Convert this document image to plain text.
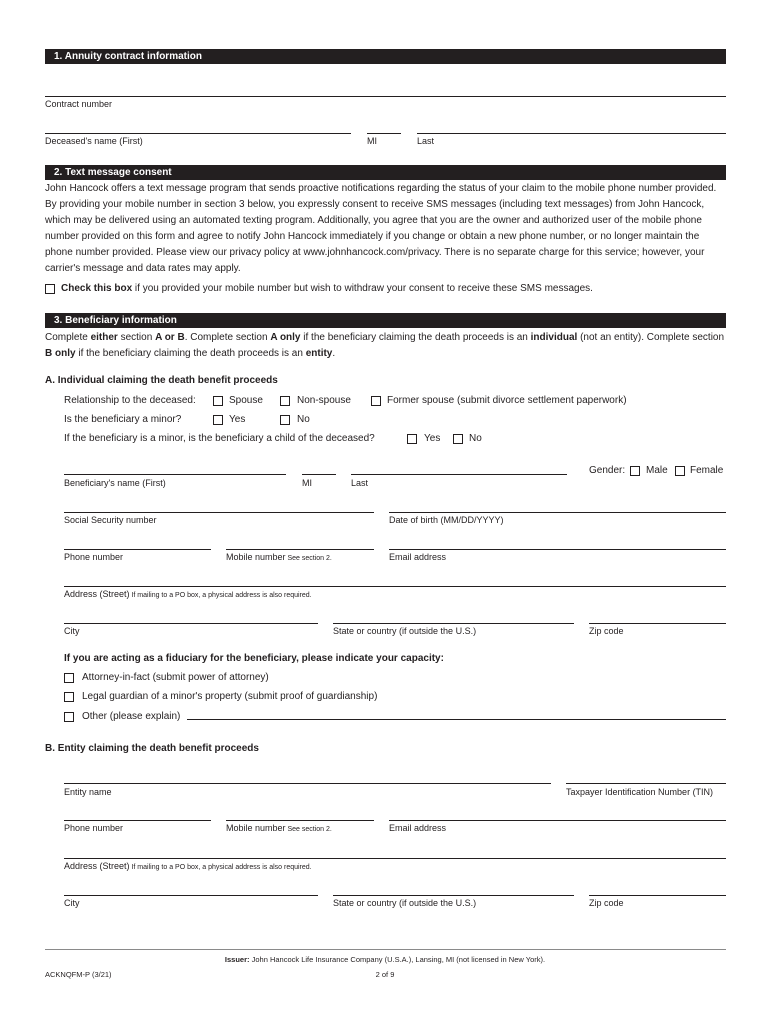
1. Annuity contract information
Contract number
Deceased's name (First)	MI	Last
2. Text message consent
John Hancock offers a text message program that sends proactive notifications regarding the status of your claim to the mobile phone number provided. By providing your mobile number in section 3 below, you expressly consent to receive SMS messages (including text messages) from John Hancock, which may be delivered using an automated texting program. Additionally, you agree that you are the owner and authorized user of the mobile phone number provided on this form and agree to notify John Hancock immediately if you change or obtain a new phone number, or no longer maintain the phone number provided. Please view our privacy policy at www.johnhancock.com/privacy. There is no separate charge for this service; however, your carrier's message and data rates may apply.
Check this box if you provided your mobile number but wish to withdraw your consent to receive these SMS messages.
3. Beneficiary information
Complete either section A or B. Complete section A only if the beneficiary claiming the death proceeds is an individual (not an entity). Complete section B only if the beneficiary claiming the death proceeds is an entity.
A. Individual claiming the death benefit proceeds
Relationship to the deceased:	Spouse	Non-spouse	Former spouse (submit divorce settlement paperwork)
Is the beneficiary a minor?	Yes	No
If the beneficiary is a minor, is the beneficiary a child of the deceased?	Yes	No
Gender: Male Female
Beneficiary's name (First)	MI	Last
Social Security number	Date of birth (MM/DD/YYYY)
Phone number	Mobile number See section 2.	Email address
Address (Street) If mailing to a PO box, a physical address is also required.
City	State or country (if outside the U.S.)	Zip code
If you are acting as a fiduciary for the beneficiary, please indicate your capacity:
Attorney-in-fact (submit power of attorney)
Legal guardian of a minor's property (submit proof of guardianship)
Other (please explain)
B. Entity claiming the death benefit proceeds
Entity name	Taxpayer Identification Number (TIN)
Phone number	Mobile number See section 2.	Email address
Address (Street) If mailing to a PO box, a physical address is also required.
City	State or country (if outside the U.S.)	Zip code
Issuer: John Hancock Life Insurance Company (U.S.A.), Lansing, MI (not licensed in New York).
ACKNQFM-P (3/21)	2 of 9
